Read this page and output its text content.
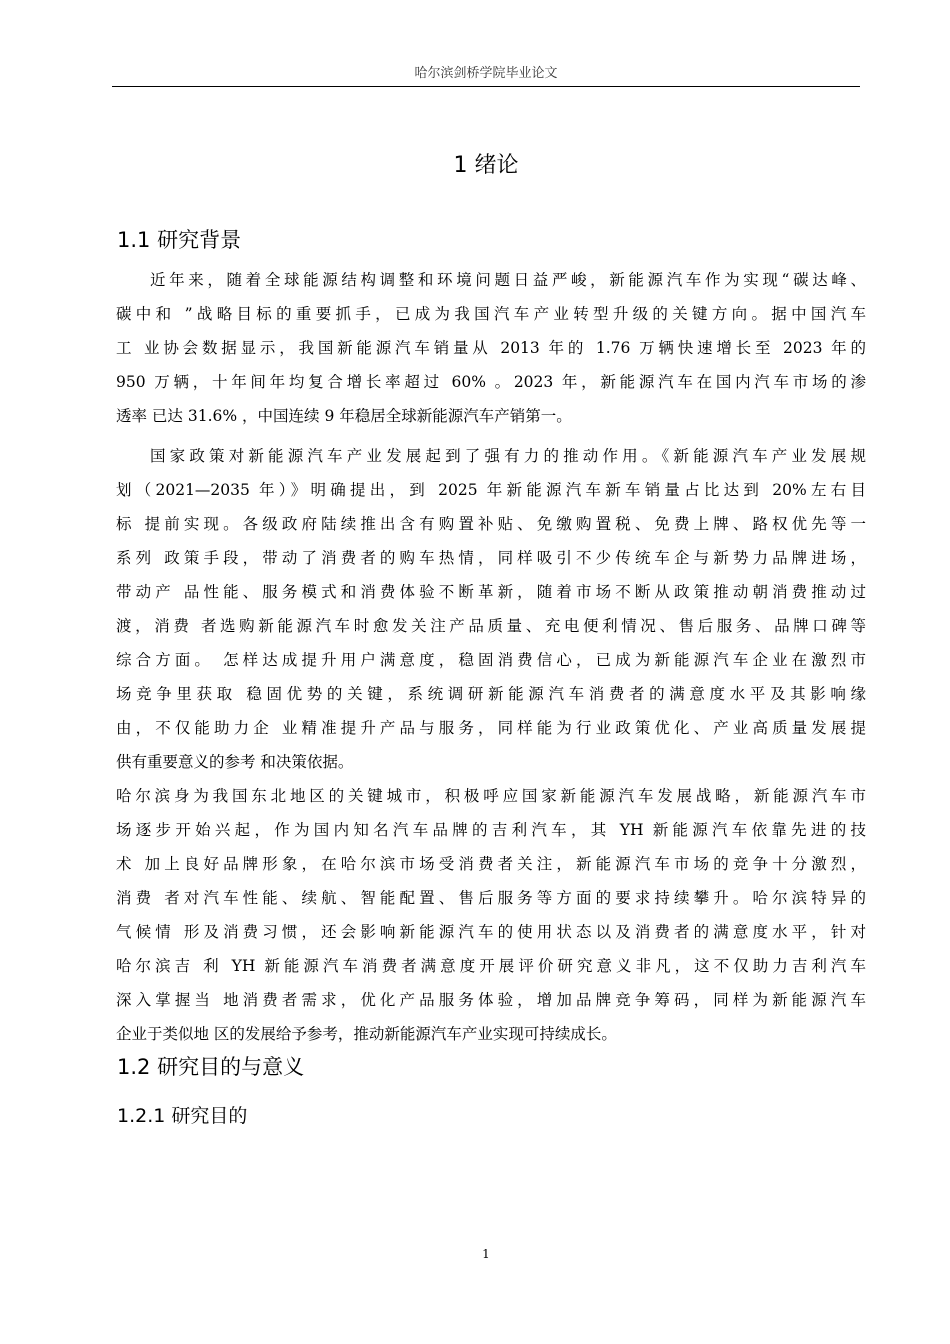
哈尔滨剑桥学院毕业论文
1 绪论
1.1 研究背景
近年来，随着全球能源结构调整和环境问题日益严峻，新能源汽车作为实现“碳达峰、
碳中和 ”战略目标的重要抓手，已成为我国汽车产业转型升级的关键方向。据中国汽车
工 业协会数据显示，我国新能源汽车销量从 2013 年的 1.76 万辆快速增长至 2023 年的
950 万辆，十年间年均复合增长率超过 60% 。2023 年，新能源汽车在国内汽车市场的渗
透率 已达 31.6% ，中国连续 9 年稳居全球新能源汽车产销第一。
国家政策对新能源汽车产业发展起到了强有力的推动作用。《新能源汽车产业发展规
划（2021—2035 年）》明确提出，到 2025 年新能源汽车新车销量占比达到 20%左右目
标 提前实现。各级政府陆续推出含有购置补贴、免缴购置税、免费上牌、路权优先等一
系列 政策手段，带动了消费者的购车热情，同样吸引不少传统车企与新势力品牌进场，
带动产 品性能、服务模式和消费体验不断革新，随着市场不断从政策推动朝消费推动过
渡，消费 者选购新能源汽车时愈发关注产品质量、充电便利情况、售后服务、品牌口碑等
综合方面。 怎样达成提升用户满意度，稳固消费信心，已成为新能源汽车企业在激烈市
场竞争里获取 稳固优势的关键，系统调研新能源汽车消费者的满意度水平及其影响缘
由，不仅能助力企 业精准提升产品与服务，同样能为行业政策优化、产业高质量发展提
供有重要意义的参考 和决策依据。
哈尔滨身为我国东北地区的关键城市，积极呼应国家新能源汽车发展战略，新能源汽车市
场逐步开始兴起，作为国内知名汽车品牌的吉利汽车，其 YH 新能源汽车依靠先进的技
术 加上良好品牌形象，在哈尔滨市场受消费者关注，新能源汽车市场的竞争十分激烈，
消费 者对汽车性能、续航、智能配置、售后服务等方面的要求持续攀升。哈尔滨特异的
气候情 形及消费习惯，还会影响新能源汽车的使用状态以及消费者的满意度水平，针对
哈尔滨吉 利 YH 新能源汽车消费者满意度开展评价研究意义非凡，这不仅助力吉利汽车
深入掌握当 地消费者需求，优化产品服务体验，增加品牌竞争筹码，同样为新能源汽车
企业于类似地 区的发展给予参考，推动新能源汽车产业实现可持续成长。
1.2 研究目的与意义
1.2.1 研究目的
1
